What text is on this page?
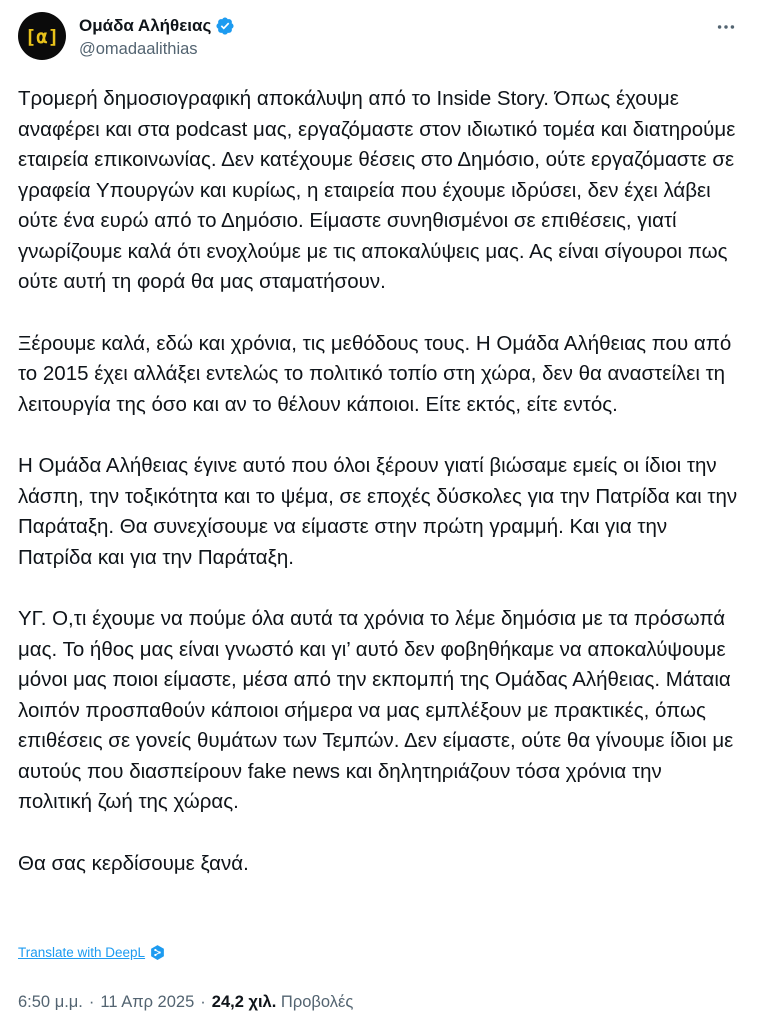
[α]
Ομάδα Αλήθειας
@omadaalithias

Τρομερή δημοσιογραφική αποκάλυψη από το Inside Story. Όπως έχουμε αναφέρει και στα podcast μας, εργαζόμαστε στον ιδιωτικό τομέα και διατηρούμε εταιρεία επικοινωνίας. Δεν κατέχουμε θέσεις στο Δημόσιο, ούτε εργαζόμαστε σε γραφεία Υπουργών και κυρίως, η εταιρεία που έχουμε ιδρύσει, δεν έχει λάβει ούτε ένα ευρώ από το Δημόσιο. Είμαστε συνηθισμένοι σε επιθέσεις, γιατί γνωρίζουμε καλά ότι ενοχλούμε με τις αποκαλύψεις μας. Ας είναι σίγουροι πως ούτε αυτή τη φορά θα μας σταματήσουν.

Ξέρουμε καλά, εδώ και χρόνια, τις μεθόδους τους. Η Ομάδα Αλήθειας που από το 2015 έχει αλλάξει εντελώς το πολιτικό τοπίο στη χώρα, δεν θα αναστείλει τη λειτουργία της όσο και αν το θέλουν κάποιοι. Είτε εκτός, είτε εντός.

Η Ομάδα Αλήθειας έγινε αυτό που όλοι ξέρουν γιατί βιώσαμε εμείς οι ίδιοι την λάσπη, την τοξικότητα και το ψέμα, σε εποχές δύσκολες για την Πατρίδα και την Παράταξη. Θα συνεχίσουμε να είμαστε στην πρώτη γραμμή. Και για την Πατρίδα και για την Παράταξη.

ΥΓ. Ο,τι έχουμε να πούμε όλα αυτά τα χρόνια το λέμε δημόσια με τα πρόσωπά μας. Το ήθος μας είναι γνωστό και γι’ αυτό δεν φοβηθήκαμε να αποκαλύψουμε μόνοι μας ποιοι είμαστε, μέσα από την εκπομπή της Ομάδας Αλήθειας. Μάταια λοιπόν προσπαθούν κάποιοι σήμερα να μας εμπλέξουν με πρακτικές, όπως επιθέσεις σε γονείς θυμάτων των Τεμπών. Δεν είμαστε, ούτε θα γίνουμε ίδιοι με αυτούς που διασπείρουν fake news και δηλητηριάζουν τόσα χρόνια την πολιτική ζωή της χώρας.

Θα σας κερδίσουμε ξανά.

Translate with DeepL
6:50 μ.μ. · 11 Απρ 2025 · 24,2 χιλ. Προβολές
